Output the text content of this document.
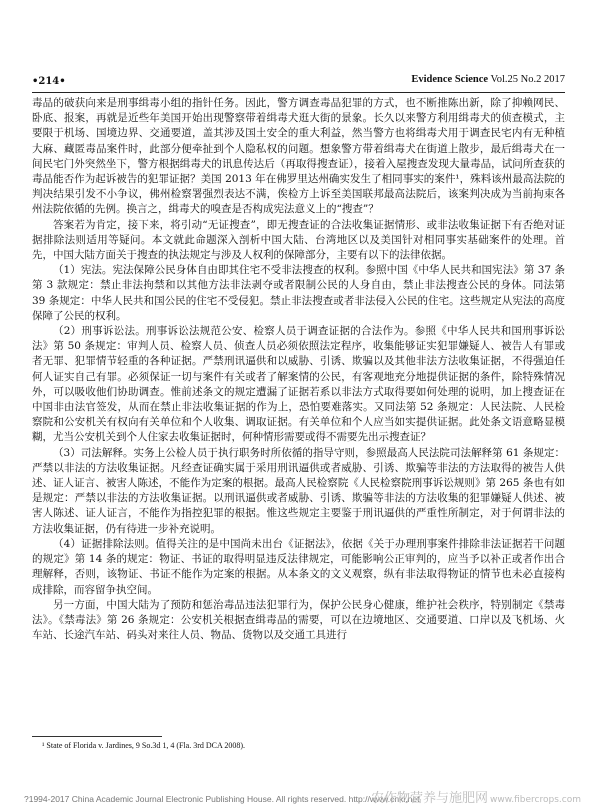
•214•	Evidence Science Vol.25 No.2 2017

毒品的破获向来是刑事缉毒小组的指针任务。因此，警方调查毒品犯罪的方式，也不断推陈出新，除了抑赖网民、卧底、报案，再就是近些年美国开始出现警察带着缉毒犬逛大街的景象。长久以来警方利用缉毒犬的侦查模式，主要限于机场、国境边界、交通要道，盖其涉及国土安全的重大利益，然当警方也将缉毒犬用于调查民宅内有无种植大麻、藏匿毒品案件时，此部分便牵扯到个人隐私权的问题。想象警方带着缉毒犬在街道上散步，最后缉毒犬在一间民宅门外突然坐下，警方根据缉毒犬的讯息传达后（再取得搜查证），接着入屋搜查发现大量毒品，试问所查获的毒品能否作为起诉被告的犯罪证据？美国 2013 年在佛罗里达州确实发生了相同事实的案件¹，殊料该州最高法院的判决结果引发不小争议，佛州检察署强烈表达不满，俟检方上诉至美国联邦最高法院后，该案判决成为当前拘束各州法院依循的先例。换言之，缉毒犬的嗅查是否构成宪法意义上的“搜查”？

答案若为肯定，接下来，将引动“无证搜查”，即无搜查证的合法收集证据情形、或非法收集证据下有否绝对证据排除法则适用等疑问。本文就此命题深入剖析中国大陆、台湾地区以及美国针对相同事实基础案件的处理。首先，中国大陆方面关于搜查的执法规定与涉及人权利的保障部分，主要有以下的法律依据。

（1）宪法。宪法保障公民身体自由即其住宅不受非法搜查的权利。参照中国《中华人民共和国宪法》第 37 条第 3 款规定：禁止非法拘禁和以其他方法非法剥夺或者限制公民的人身自由，禁止非法搜查公民的身体。同法第 39 条规定：中华人民共和国公民的住宅不受侵犯。禁止非法搜查或者非法侵入公民的住宅。这些规定从宪法的高度保障了公民的权利。

（2）刑事诉讼法。刑事诉讼法规范公安、检察人员于调查证据的合法作为。参照《中华人民共和国刑事诉讼法》第 50 条规定：审判人员、检察人员、侦查人员必须依照法定程序，收集能够证实犯罪嫌疑人、被告人有罪或者无罪、犯罪情节轻重的各种证据。严禁刑讯逼供和以威胁、引诱、欺骗以及其他非法方法收集证据，不得强迫任何人证实自己有罪。必须保证一切与案件有关或者了解案情的公民，有客观地充分地提供证据的条件，除特殊情况外，可以吸收他们协助调查。惟前述条文的规定遭漏了证据若系以非法方式取得要如何处理的说明，加上搜查证在中国非由法官签发，从而在禁止非法收集证据的作为上，恐怕要难落实。又同法第 52 条规定：人民法院、人民检察院和公安机关有权向有关单位和个人收集、调取证据。有关单位和个人应当如实提供证据。此处条文语意略显模糊，尤当公安机关到个人住家去收集证据时，何种情形需要或得不需要先出示搜查证？

（3）司法解释。实务上公检人员于执行职务时所依循的指导守则，参照最高人民法院司法解释第 61 条规定：严禁以非法的方法收集证据。凡经查证确实属于采用刑讯逼供或者威胁、引诱、欺骗等非法的方法取得的被告人供述、证人证言、被害人陈述，不能作为定案的根据。最高人民检察院《人民检察院刑事诉讼规则》第 265 条也有如是规定：严禁以非法的方法收集证据。以刑讯逼供或者威胁、引诱、欺骗等非法的方法收集的犯罪嫌疑人供述、被害人陈述、证人证言，不能作为指控犯罪的根据。惟这些规定主要鉴于刑讯逼供的严重性所制定，对于何谓非法的方法收集证据，仍有待进一步补充说明。

（4）证据排除法则。值得关注的是中国尚未出台《证据法》，依据《关于办理刑事案件排除非法证据若干问题的规定》第 14 条的规定：物证、书证的取得明显违反法律规定，可能影响公正审判的，应当予以补正或者作出合理解释，否则，该物证、书证不能作为定案的根据。从本条文的文义观察，纵有非法取得物证的情节也未必直接构成排除，而容留争执空间。

另一方面，中国大陆为了预防和惩治毒品违法犯罪行为，保护公民身心健康，维护社会秩序，特别制定《禁毒法》。《禁毒法》第 26 条规定：公安机关根据查缉毒品的需要，可以在边境地区、交通要道、口岸以及飞机场、火车站、长途汽车站、码头对来往人员、物品、货物以及交通工具进行

¹ State of Florida v. Jardines, 9 So.3d 1, 4 (Fla. 3rd DCA 2008).
?1994-2017 China Academic Journal Electronic Publishing House. All rights reserved. http://www.cnki.net
农作物营养与施肥网 www.fibercrops.com
